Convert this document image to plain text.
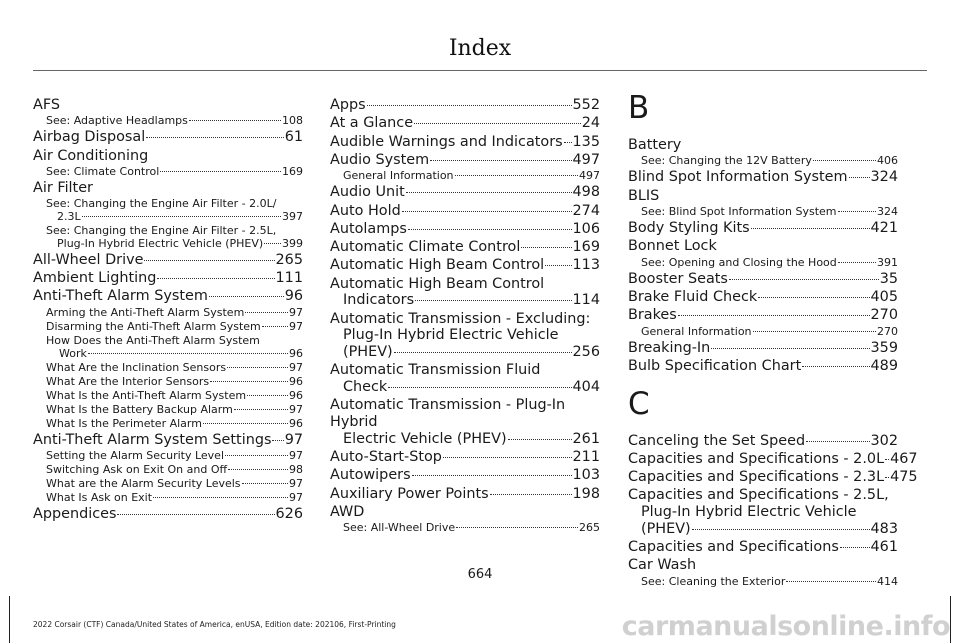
Index
AFS
See: Adaptive Headlamps	108
Airbag Disposal	61
Air Conditioning
See: Climate Control	169
Air Filter
See: Changing the Engine Air Filter - 2.0L/
2.3L	397
See: Changing the Engine Air Filter - 2.5L,
Plug-In Hybrid Electric Vehicle (PHEV) 399
All-Wheel Drive	265
Ambient Lighting	111
Anti-Theft Alarm System	96
Arming the Anti-Theft Alarm System	97
Disarming the Anti-Theft Alarm System	97
How Does the Anti-Theft Alarm System
Work	96
What Are the Inclination Sensors	97
What Are the Interior Sensors	96
What Is the Anti-Theft Alarm System	96
What Is the Battery Backup Alarm	97
What Is the Perimeter Alarm	96
Anti-Theft Alarm System Settings 97
Setting the Alarm Security Level	97
Switching Ask on Exit On and Off	98
What are the Alarm Security Levels	97
What Is Ask on Exit	97
Appendices	626
Apps	552
At a Glance	24
Audible Warnings and Indicators 135
Audio System	497
General Information	497
Audio Unit	498
Auto Hold	274
Autolamps	106
Automatic Climate Control	169
Automatic High Beam Control 113
Automatic High Beam Control
Indicators	114
Automatic Transmission - Excluding:
Plug-In Hybrid Electric Vehicle
(PHEV)	256
Automatic Transmission Fluid
Check	404
Automatic Transmission - Plug-In Hybrid
Electric Vehicle (PHEV)	261
Auto-Start-Stop	211
Autowipers	103
Auxiliary Power Points	198
AWD
See: All-Wheel Drive	265
B
Battery
See: Changing the 12V Battery	406
Blind Spot Information System 324
BLIS
See: Blind Spot Information System	324
Body Styling Kits	421
Bonnet Lock
See: Opening and Closing the Hood	391
Booster Seats	35
Brake Fluid Check	405
Brakes	270
General Information	270
Breaking-In	359
Bulb Specification Chart	489
C
Canceling the Set Speed	302
Capacities and Specifications - 2.0L 467
Capacities and Specifications - 2.3L 475
Capacities and Specifications - 2.5L,
Plug-In Hybrid Electric Vehicle
(PHEV)	483
Capacities and Specifications 461
Car Wash
See: Cleaning the Exterior	414
664
2022 Corsair (CTF) Canada/United States of America, enUSA, Edition date: 202106, First-Printing	carmanualsonline.info
